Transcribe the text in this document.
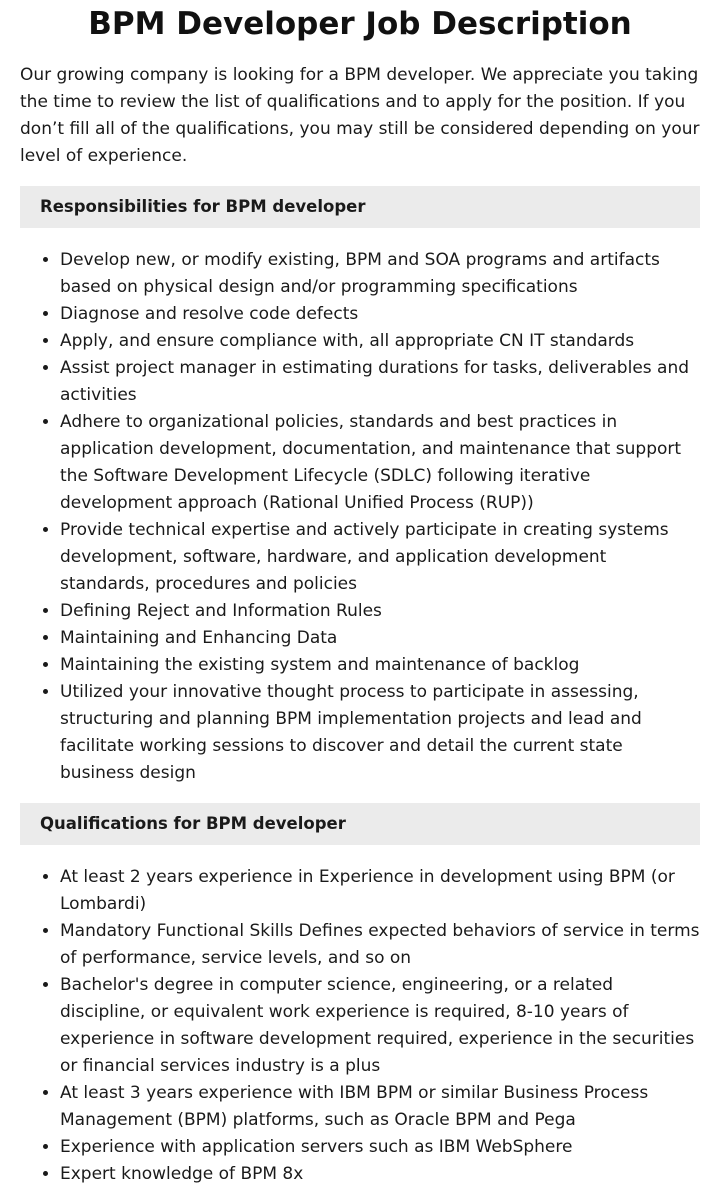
BPM Developer Job Description

Our growing company is looking for a BPM developer. We appreciate you taking the time to review the list of qualifications and to apply for the position. If you don’t fill all of the qualifications, you may still be considered depending on your level of experience.

Responsibilities for BPM developer
• Develop new, or modify existing, BPM and SOA programs and artifacts based on physical design and/or programming specifications
• Diagnose and resolve code defects
• Apply, and ensure compliance with, all appropriate CN IT standards
• Assist project manager in estimating durations for tasks, deliverables and activities
• Adhere to organizational policies, standards and best practices in application development, documentation, and maintenance that support the Software Development Lifecycle (SDLC) following iterative development approach (Rational Unified Process (RUP))
• Provide technical expertise and actively participate in creating systems development, software, hardware, and application development standards, procedures and policies
• Defining Reject and Information Rules
• Maintaining and Enhancing Data
• Maintaining the existing system and maintenance of backlog
• Utilized your innovative thought process to participate in assessing, structuring and planning BPM implementation projects and lead and facilitate working sessions to discover and detail the current state business design
Qualifications for BPM developer
• At least 2 years experience in Experience in development using BPM (or Lombardi)
• Mandatory Functional Skills Defines expected behaviors of service in terms of performance, service levels, and so on
• Bachelor's degree in computer science, engineering, or a related discipline, or equivalent work experience is required, 8-10 years of experience in software development required, experience in the securities or financial services industry is a plus
• At least 3 years experience with IBM BPM or similar Business Process Management (BPM) platforms, such as Oracle BPM and Pega
• Experience with application servers such as IBM WebSphere
• Expert knowledge of BPM 8x
